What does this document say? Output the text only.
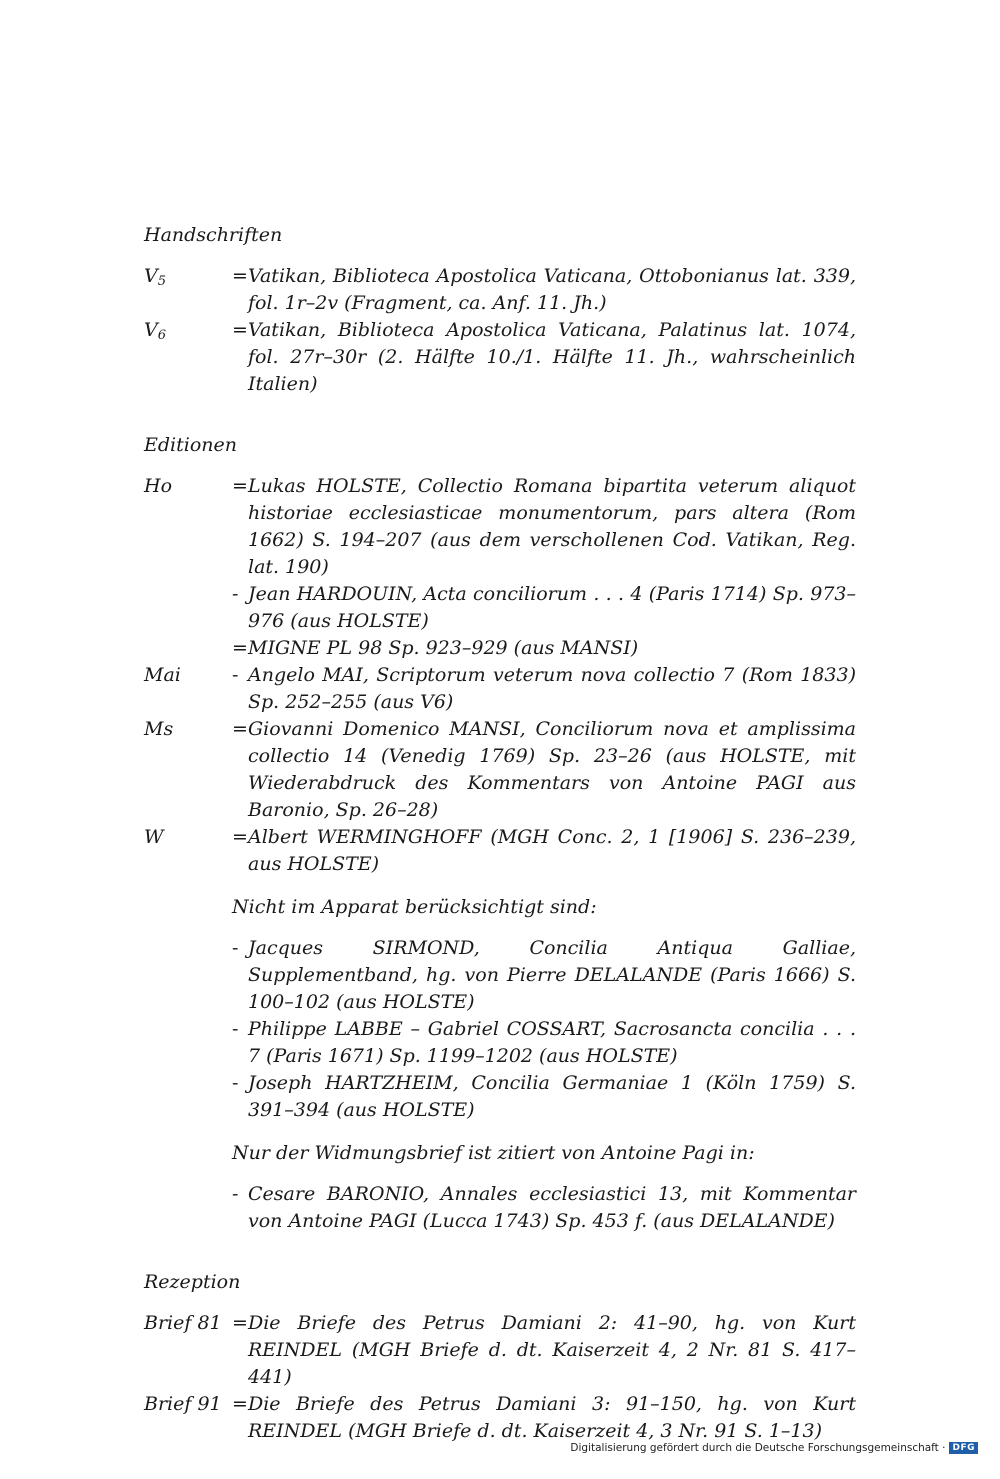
Handschriften
$V_5$	= Vatikan, Biblioteca Apostolica Vaticana, Ottobonianus lat. 339, fol. 1r–2v (Fragment, ca. Anf. 11. Jh.)
$V_6$	= Vatikan, Biblioteca Apostolica Vaticana, Palatinus lat. 1074, fol. 27r–30r (2. Hälfte 10./1. Hälfte 11. Jh., wahrscheinlich Italien)
Editionen
Ho	= Lukas HOLSTE, Collectio Romana bipartita veterum aliquot historiae ecclesiasticae monumentorum, pars altera (Rom 1662) S. 194–207 (aus dem verschollenen Cod. Vatikan, Reg. lat. 190)
- Jean HARDOUIN, Acta conciliorum . . . 4 (Paris 1714) Sp. 973–976 (aus HOLSTE)
= MIGNE PL 98 Sp. 923–929 (aus MANSI)
Mai	- Angelo MAI, Scriptorum veterum nova collectio 7 (Rom 1833) Sp. 252–255 (aus V6)
Ms	= Giovanni Domenico MANSI, Conciliorum nova et amplissima collectio 14 (Venedig 1769) Sp. 23–26 (aus HOLSTE, mit Wiederabdruck des Kommentars von Antoine PAGI aus Baronio, Sp. 26–28)
W	= Albert WERMINGHOFF (MGH Conc. 2, 1 [1906] S. 236–239, aus HOLSTE)
Nicht im Apparat berücksichtigt sind:
- Jacques SIRMOND, Concilia Antiqua Galliae, Supplementband, hg. von Pierre DELALANDE (Paris 1666) S. 100–102 (aus HOLSTE)
- Philippe LABBE – Gabriel COSSART, Sacrosancta concilia . . . 7 (Paris 1671) Sp. 1199–1202 (aus HOLSTE)
- Joseph HARTZHEIM, Concilia Germaniae 1 (Köln 1759) S. 391–394 (aus HOLSTE)
Nur der Widmungsbrief ist zitiert von Antoine Pagi in:
- Cesare BARONIO, Annales ecclesiastici 13, mit Kommentar von Antoine PAGI (Lucca 1743) Sp. 453 f. (aus DELALANDE)
Rezeption
Brief 81 = Die Briefe des Petrus Damiani 2: 41–90, hg. von Kurt REINDEL (MGH Briefe d. dt. Kaiserzeit 4, 2 Nr. 81 S. 417–441)
Brief 91 = Die Briefe des Petrus Damiani 3: 91–150, hg. von Kurt REINDEL (MGH Briefe d. dt. Kaiserzeit 4, 3 Nr. 91 S. 1–13)
Digitalisierung gefördert durch die Deutsche Forschungsgemeinschaft · DFG
